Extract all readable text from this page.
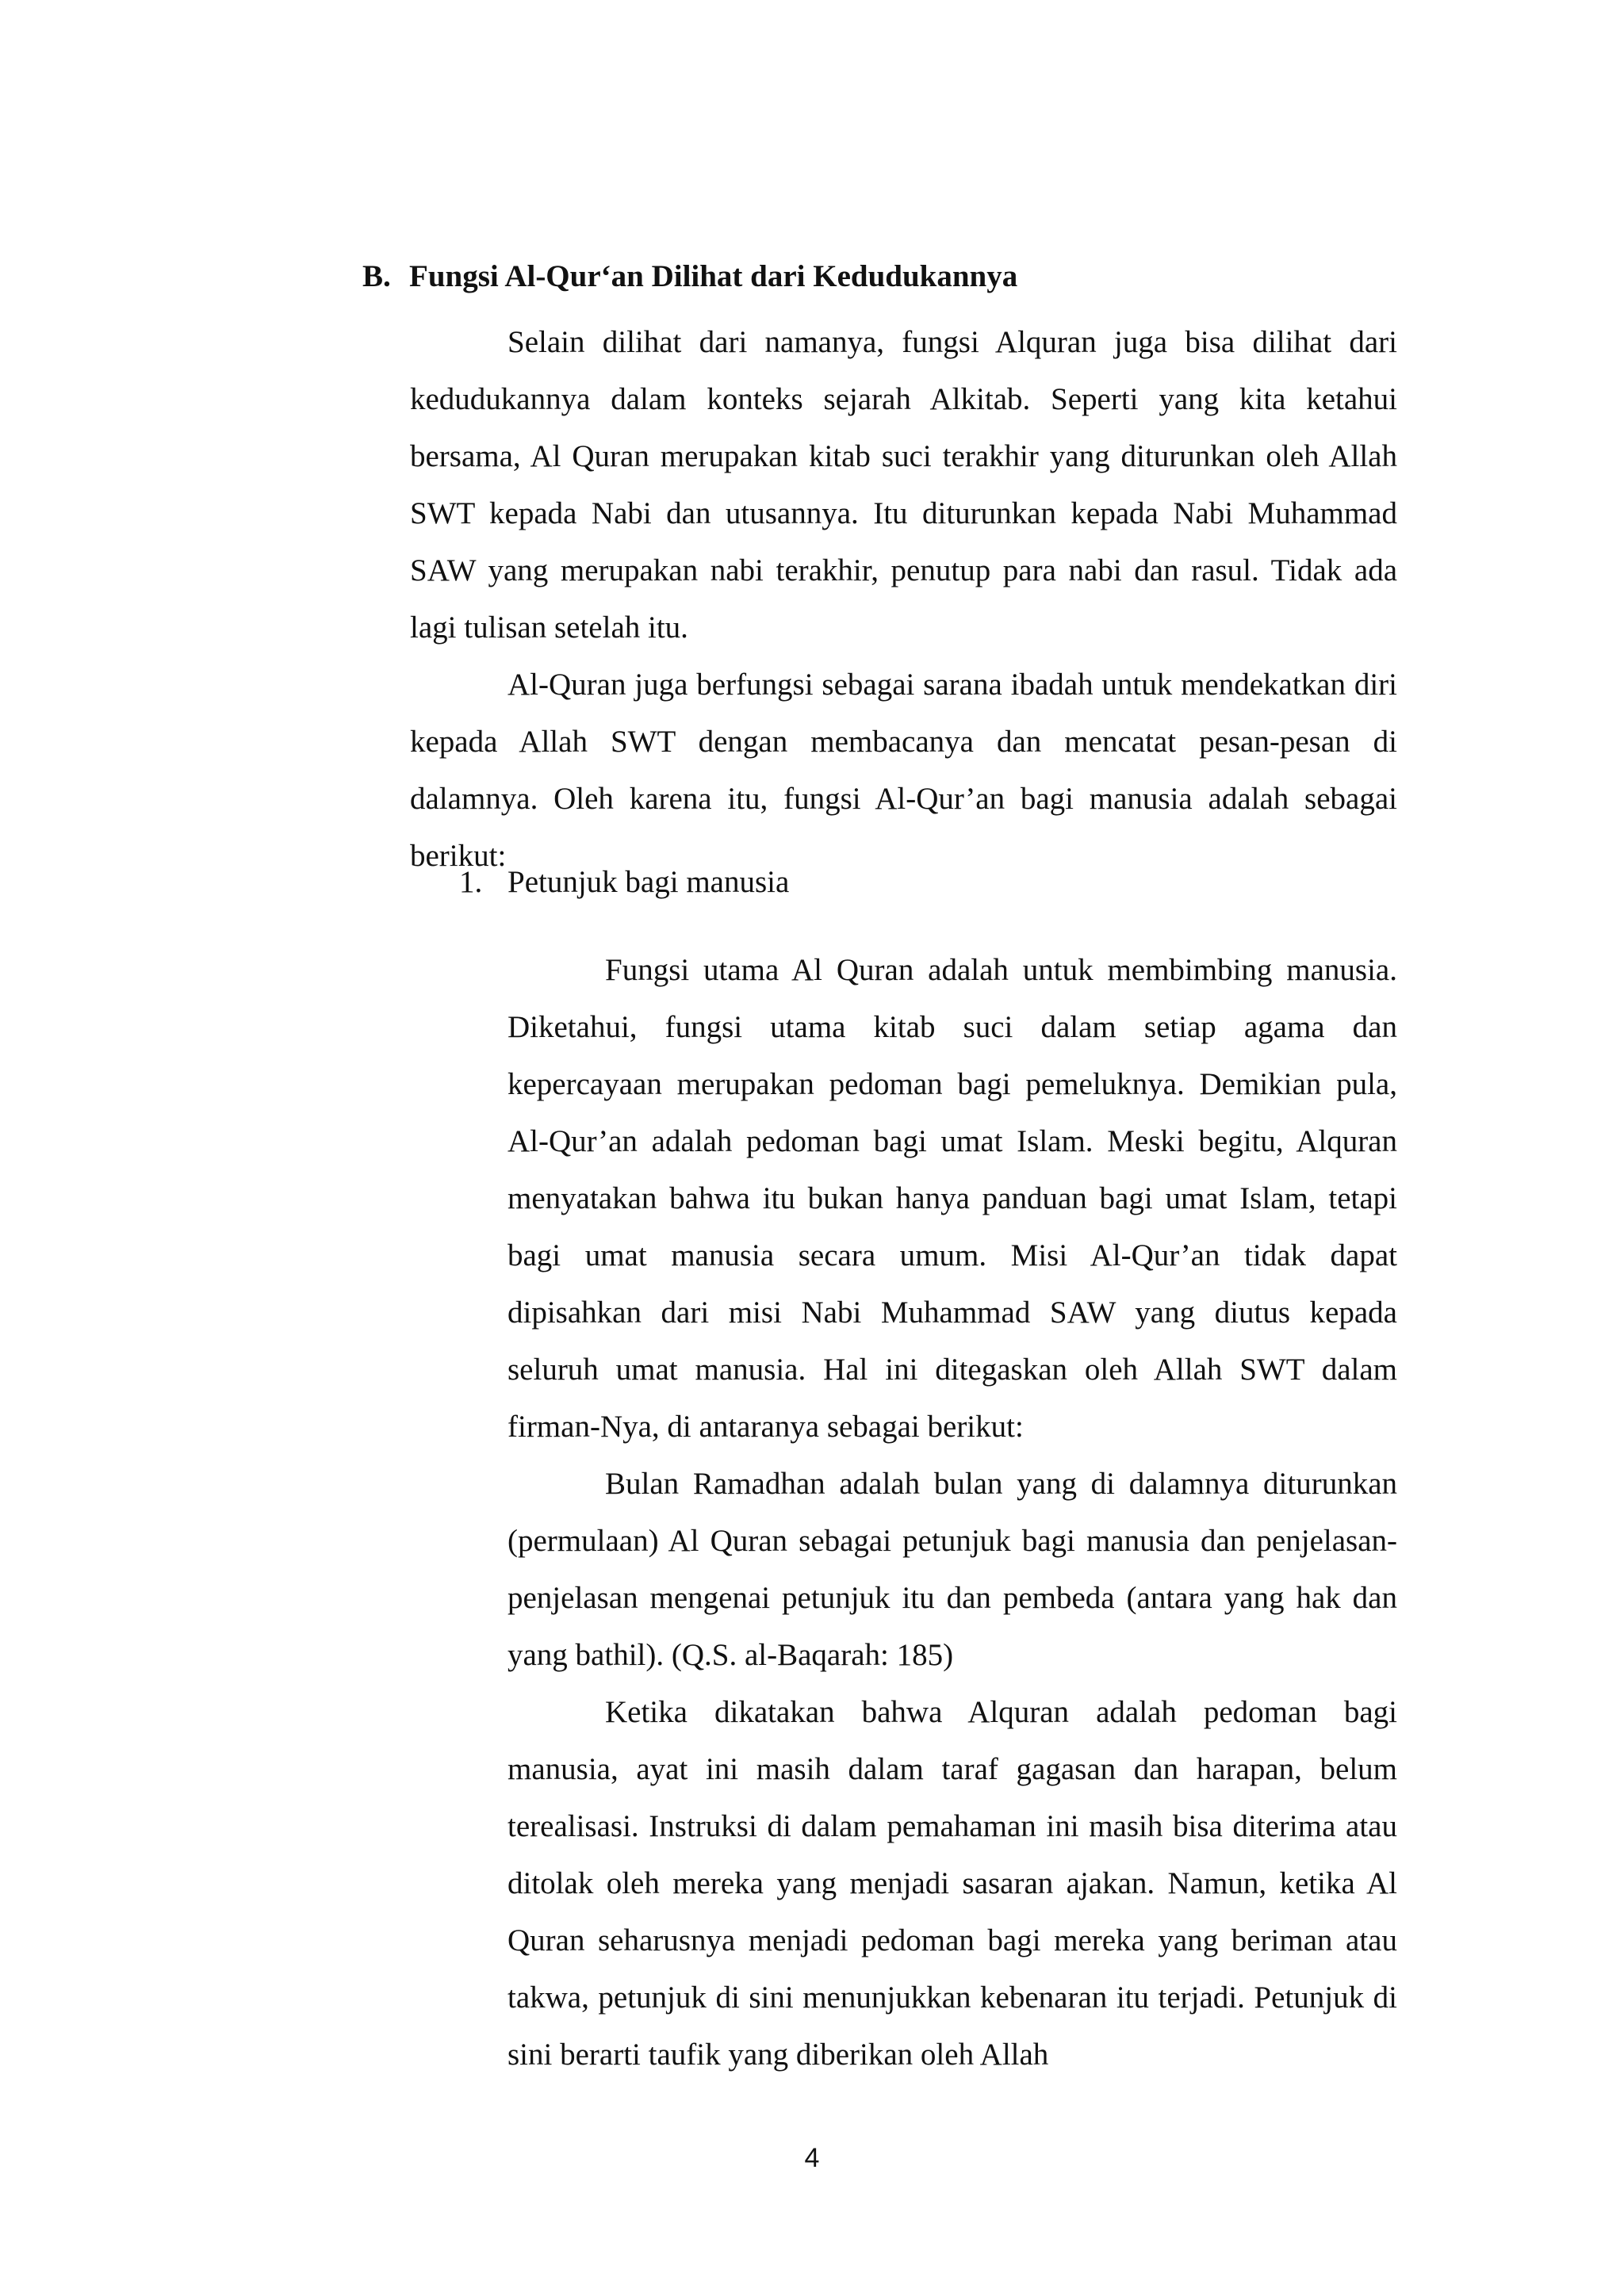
B. Fungsi Al-Qur‘an Dilihat dari Kedudukannya

Selain dilihat dari namanya, fungsi Alquran juga bisa dilihat dari kedudukannya dalam konteks sejarah Alkitab. Seperti yang kita ketahui bersama, Al Quran merupakan kitab suci terakhir yang diturunkan oleh Allah SWT kepada Nabi dan utusannya. Itu diturunkan kepada Nabi Muhammad SAW yang merupakan nabi terakhir, penutup para nabi dan rasul. Tidak ada lagi tulisan setelah itu.

Al-Quran juga berfungsi sebagai sarana ibadah untuk mendekatkan diri kepada Allah SWT dengan membacanya dan mencatat pesan-pesan di dalamnya. Oleh karena itu, fungsi Al-Qur’an bagi manusia adalah sebagai berikut:

1. Petunjuk bagi manusia

Fungsi utama Al Quran adalah untuk membimbing manusia. Diketahui, fungsi utama kitab suci dalam setiap agama dan kepercayaan merupakan pedoman bagi pemeluknya. Demikian pula, Al-Qur’an adalah pedoman bagi umat Islam. Meski begitu, Alquran menyatakan bahwa itu bukan hanya panduan bagi umat Islam, tetapi bagi umat manusia secara umum. Misi Al-Qur’an tidak dapat dipisahkan dari misi Nabi Muhammad SAW yang diutus kepada seluruh umat manusia. Hal ini ditegaskan oleh Allah SWT dalam firman-Nya, di antaranya sebagai berikut:

Bulan Ramadhan adalah bulan yang di dalamnya diturunkan (permulaan) Al Quran sebagai petunjuk bagi manusia dan penjelasan-penjelasan mengenai petunjuk itu dan pembeda (antara yang hak dan yang bathil). (Q.S. al-Baqarah: 185)

Ketika dikatakan bahwa Alquran adalah pedoman bagi manusia, ayat ini masih dalam taraf gagasan dan harapan, belum terealisasi. Instruksi di dalam pemahaman ini masih bisa diterima atau ditolak oleh mereka yang menjadi sasaran ajakan. Namun, ketika Al Quran seharusnya menjadi pedoman bagi mereka yang beriman atau takwa, petunjuk di sini menunjukkan kebenaran itu terjadi. Petunjuk di sini berarti taufik yang diberikan oleh Allah

4
